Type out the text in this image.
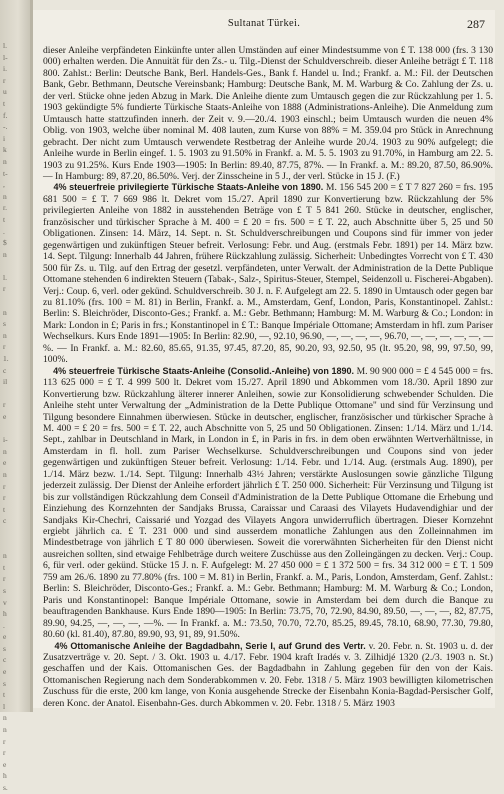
l.
l-
i.
r
u
t
f.
-.
i
k
n
t-
,
n
r.
t
.
$
n

l.
r

n
s
n
r
1.
c
il

r
e

i-
n
e
n
r
r
t
c

n
t
r
s
v
h
.
e
s
c
e
s
t
l
n
n
r
r
e
h
s.
Sultanat Türkei.	287

dieser Anleihe verpfändeten Einkünfte unter allen Umständen auf einer Mindestsumme von £ T. 138 000 (frs. 3 130 000) erhalten werden. Die Annuität für den Zs.- u. Tilg.-Dienst der Schuldverschreib. dieser Anleihe beträgt £ T. 118 800. Zahlst.: Berlin: Deutsche Bank, Berl. Handels-Ges., Bank f. Handel u. Ind.; Frankf. a. M.: Fil. der Deutschen Bank, Gebr. Bethmann, Deutsche Vereinsbank; Hamburg: Deutsche Bank, M. M. Warburg & Co. Zahlung der Zs. u. der verl. Stücke ohne jeden Abzug in Mark. Die Anleihe diente zum Umtausch gegen die zur Rückzahlung per 1. 5. 1903 gekündigte 5% fundierte Türkische Staats-Anleihe von 1888 (Administrations-Anleihe). Die Anmeldung zum Umtausch hatte stattzufinden innerh. der Zeit v. 9.—20./4. 1903 einschl.; beim Umtausch wurden die neuen 4% Oblig. von 1903, welche über nominal M. 408 lauten, zum Kurse von 88% = M. 359.04 pro Stück in Anrechnung gebracht. Der nicht zum Umtausch verwendete Restbetrag der Anleihe wurde 20./4. 1903 zu 90% aufgelegt; die Anleihe wurde in Berlin eingef. 1. 5. 1903 zu 91.50% in Frankf. a. M. 5. 5. 1903 zu 91.70%, in Hamburg am 22. 5. 1903 zu 91.25%. Kurs Ende 1903—1905: In Berlin: 89.40, 87.75, 87%. — In Frankf. a. M.: 89.20, 87.50, 86.90%. — In Hamburg: 89, 87.20, 86.50%. Verj. der Zinsscheine in 5 J., der verl. Stücke in 15 J. (F.)

4% steuerfreie privilegierte Türkische Staats-Anleihe von 1890. M. 156 545 200 = £ T 7 827 260 = frs. 195 681 500 = £ T. 7 669 986 lt. Dekret vom 15./27. April 1890 zur Konvertierung bzw. Rückzahlung der 5% privilegierten Anleihe von 1882 in ausstehenden Beträge von £ T 5 841 260. Stücke in deutscher, englischer, französischer und türkischer Sprache à M. 400 = £ 20 = frs. 500 = £ T. 22, auch Abschnitte über 5, 25 und 50 Obligationen. Zinsen: 14. März, 14. Sept. n. St. Schuldverschreibungen und Coupons sind für immer von jeder gegenwärtigen und zukünftigen Steuer befreit. Verlosung: Febr. und Aug. (erstmals Febr. 1891) per 14. März bzw. 14. Sept. Tilgung: Innerhalb 44 Jahren, frühere Rückzahlung zulässig. Sicherheit: Unbedingtes Vorrecht von £ T. 430 500 für Zs. u. Tilg. auf den Ertrag der gesetzl. verpfändeten, unter Verwalt. der Administration de la Dette Publique Ottomane stehenden 6 indirekten Steuern (Tabak-, Salz-, Spiritus-Steuer, Stempel, Seidenzoll u. Fischerei-Abgaben). Verj.: Coup. 6, verl. oder gekünd. Schuldverschreib. 30 J. n. F. Aufgelegt am 22. 5. 1890 in Umtausch oder gegen bar zu 81.10% (frs. 100 = M. 81) in Berlin, Frankf. a. M., Amsterdam, Genf, London, Paris, Konstantinopel. Zahlst.: Berlin: S. Bleichröder, Disconto-Ges.; Frankf. a. M.: Gebr. Bethmann; Hamburg: M. M. Warburg & Co.; London: in Mark: London in £; Paris in frs.; Konstantinopel in £ T.: Banque Impériale Ottomane; Amsterdam in hfl. zum Pariser Wechselkurs. Kurs Ende 1891—1905: In Berlin: 82.90, —, 92.10, 96.90, —, —, —, —, 96.70, —, —, —, —, —, —%. — In Frankf. a. M.: 82.60, 85.65, 91.35, 97.45, 87.20, 85, 90.20, 93, 92.50, 95 (lt. 95.20, 98, 99, 97.50, 99, 100%.

4% steuerfreie Türkische Staats-Anleihe (Consolid.-Anleihe) von 1890. M. 90 900 000 = £ 4 545 000 = frs. 113 625 000 = £ T. 4 999 500 lt. Dekret vom 15./27. April 1890 und Abkommen vom 18./30. April 1890 zur Konvertierung bzw. Rückzahlung älterer innerer Anleihen, sowie zur Konsolidierung schwebender Schulden. Die Anleihe steht unter Verwaltung der „Administration de la Dette Publique Ottomane" und sind für Verzinsung und Tilgung besondere Einnahmen überwiesen. Stücke in deutscher, englischer, französischer und türkischer Sprache à M. 400 = £ 20 = frs. 500 = £ T. 22, auch Abschnitte von 5, 25 und 50 Obligationen. Zinsen: 1./14. März und 1./14. Sept., zahlbar in Deutschland in Mark, in London in £, in Paris in frs. in dem oben erwähnten Wertverhältnisse, in Amsterdam in fl. holl. zum Pariser Wechselkurse. Schuldverschreibungen und Coupons sind von jeder gegenwärtigen und zukünftigen Steuer befreit. Verlosung: 1./14. Febr. und 1./14. Aug. (erstmals Aug. 1890), per 1./14. März bezw. 1./14. Sept. Tilgung: Innerhalb 43½ Jahren; verstärkte Auslosungen sowie gänzliche Tilgung jederzeit zulässig. Der Dienst der Anleihe erfordert jährlich £ T. 250 000. Sicherheit: Für Verzinsung und Tilgung ist bis zur vollständigen Rückzahlung dem Conseil d'Administration de la Dette Publique Ottomane die Erhebung und Einziehung des Kornzehnten der Sandjaks Brussa, Caraissar und Caraasi des Vilayets Hudavendighiar und der Sandjaks Kir-Chechri, Caissarié und Yozgad des Vilayets Angora unwiderruflich übertragen. Dieser Kornzehnt ergiebt jährlich ca. £ T. 231 000 und sind ausserdem monatliche Zahlungen aus den Zolleinnahmen im Mindestbetrage von jährlich £ T 80 000 überwiesen. Soweit die vorerwähnten Sicherheiten für den Dienst nicht ausreichen sollten, sind etwaige Fehlbeträge durch weitere Zuschüsse aus den Zolleingängen zu decken. Verj.: Coup. 6, für verl. oder gekünd. Stücke 15 J. n. F. Aufgelegt: M. 27 450 000 = £ 1 372 500 = frs. 34 312 000 = £ T. 1 509 759 am 26./6. 1890 zu 77.80% (frs. 100 = M. 81) in Berlin, Frankf. a. M., Paris, London, Amsterdam, Genf. Zahlst.: Berlin: S. Bleichröder, Disconto-Ges.; Frankf. a. M.: Gebr. Bethmann; Hamburg: M. M. Warburg & Co.; London, Paris und Konstantinopel: Banque Impériale Ottomane, sowie in Amsterdam bei dem durch die Banque zu beauftragenden Bankhause. Kurs Ende 1890—1905: In Berlin: 73.75, 70, 72.90, 84.90, 89.50, —, —, —, 82, 87.75, 89.90, 94.25, —, —, —, —%. — In Frankf. a. M.: 73.50, 70.70, 72.70, 85.25, 89.45, 78.10, 68.90, 77.30, 79.80, 80.60 (kl. 81.40), 87.80, 89.90, 93, 91, 89, 91.50%.

4% Ottomanische Anleihe der Bagdadbahn, Serie I, auf Grund des Vertr. v. 20. Febr. n. St. 1903 u. d. der Zusatzverträge v. 20. Sept. / 3. Okt. 1903 u. 4./17. Febr. 1904 kraft Iradés v. 3. Zilhidjé 1320 (2./3. 1903 n. St.) geschaffen und der Kais. Ottomanischen Ges. der Bagdadbahn in Zahlung gegeben für den von der Kais. Ottomanischen Regierung nach dem Sonderabkommen v. 20. Febr. 1318 / 5. März 1903 bewilligten kilometrischen Zuschuss für die erste, 200 km lange, von Konia ausgehende Strecke der Eisenbahn Konia-Bagdad-Persischer Golf, deren Konc. der Anatol. Eisenbahn-Ges. durch Abkommen v. 20. Febr. 1318 / 5. März 1903
